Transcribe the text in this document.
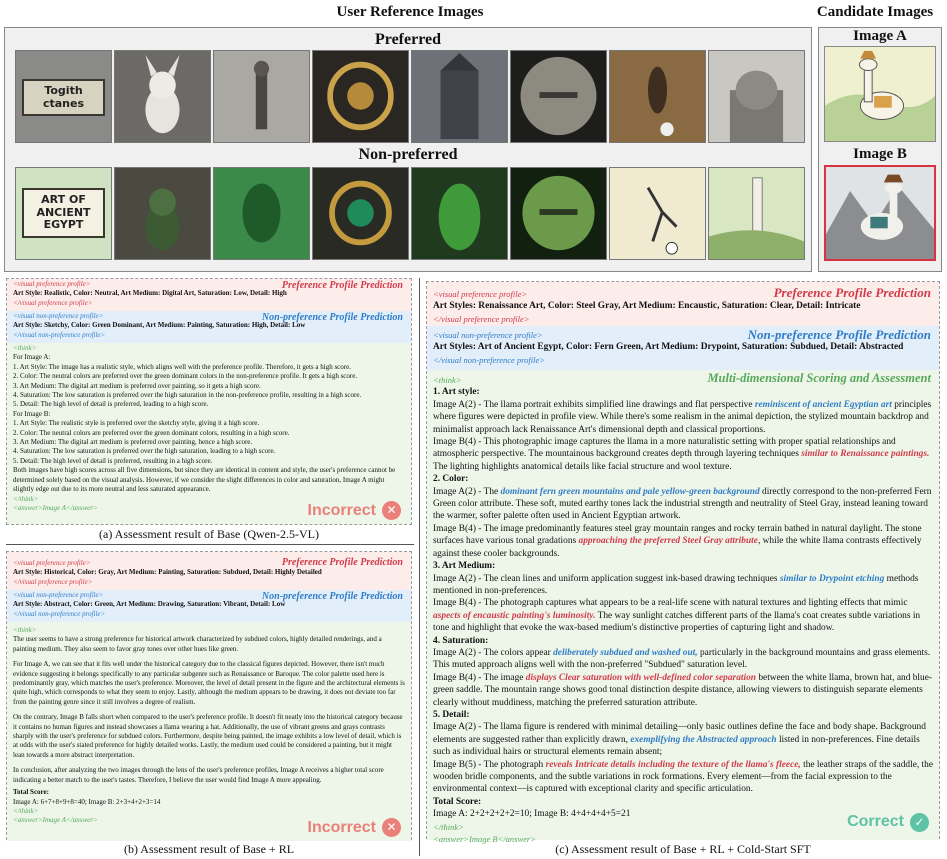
User Reference Images	Candidate Images
Preferred
Togith ctanes
Non-preferred
ART OF ANCIENT EGYPT
Image A
Image B
Preference Profile Prediction

<visual preference profile>

Art Style: Realistic, Color: Neutral, Art Medium: Digital Art, Saturation: Low, Detail: High

</visual preference profile>

Non-preference Profile Prediction

<visual non-preference profile>

Art Style: Sketchy, Color: Green Dominant, Art Medium: Painting, Saturation: High, Detail: Low

</visual non-preference profile>

<think>

For Image A:

1. Art Style: The image has a realistic style, which aligns well with the preference profile. Therefore, it gets a high score.

2. Color: The neutral colors are preferred over the green dominant colors in the non-preference profile. It gets a high score.

3. Art Medium: The digital art medium is preferred over painting, so it gets a high score.

4. Saturation: The low saturation is preferred over the high saturation in the non-preference profile, resulting in a high score.

5. Detail: The high level of detail is preferred, leading to a high score.

For Image B:

1. Art Style: The realistic style is preferred over the sketchy style, giving it a high score.

2. Color: The neutral colors are preferred over the green dominant colors, resulting in a high score.

3. Art Medium: The digital art medium is preferred over painting, hence a high score.

4. Saturation: The low saturation is preferred over the high saturation, leading to a high score.

5. Detail: The high level of detail is preferred, resulting in a high score.

Both images have high scores across all five dimensions, but since they are identical in content and style, the user's preference cannot be determined solely based on the visual analysis. However, if we consider the slight differences in color and saturation, Image A might slightly edge out due to its more neutral and less saturated appearance.

</think>

<answer>Image A</answer>	Incorrect ✕
(a) Assessment result of Base (Qwen-2.5-VL)
Preference Profile Prediction

<visual preference profile>

Art Style: Historical, Color: Gray, Art Medium: Painting, Saturation: Subdued, Detail: Highly Detailed

</visual preference profile>

Non-preference Profile Prediction

<visual non-preference profile>

Art Style: Abstract, Color: Green, Art Medium: Drawing, Saturation: Vibrant, Detail: Low

</visual non-preference profile>

<think>

The user seems to have a strong preference for historical artwork characterized by subdued colors, highly detailed renderings, and a painting medium. They also seem to favor gray tones over other hues like green.

For Image A, we can see that it fits well under the historical category due to the classical figures depicted. However, there isn't much evidence suggesting it belongs specifically to any particular subgenre such as Renaissance or Baroque. The color palette used here is predominantly gray, which matches the user's preference. Moreover, the level of detail present in the figure and the architectural elements is quite high, which corresponds to what they seem to enjoy. Lastly, although the medium appears to be drawing, it does not deviate too far from the painting genre since it still involves a degree of realism.

On the contrary, Image B falls short when compared to the user's preference profile. It doesn't fit neatly into the historical category because it contains no human figures and instead showcases a llama wearing a hat. Additionally, the use of vibrant greens and grays contrasts sharply with the user's preference for subdued colors. Furthermore, despite being painted, the image exhibits a low level of detail, which is at odds with the user's stated preference for highly detailed works. Lastly, the medium used could be considered a painting, but it might lean towards a more abstract interpretation.

In conclusion, after analyzing the two images through the lens of the user's preference profiles, Image A receives a higher total score indicating a better match to the user's tastes. Therefore, I believe the user would find Image A more appealing.

Total Score:

Image A: 6+7+8+9+8=40; Image B: 2+3+4+2+3=14

</think>

<answer>Image A</answer>	Incorrect ✕
(b) Assessment result of Base + RL
Preference Profile Prediction

<visual preference profile>

Art Styles: Renaissance Art, Color: Steel Gray, Art Medium: Encaustic, Saturation: Clear, Detail: Intricate

</visual preference profile>

Non-preference Profile Prediction

<visual non-preference profile>

Art Styles: Art of Ancient Egypt, Color: Fern Green, Art Medium: Drypoint, Saturation: Subdued, Detail: Abstracted

</visual non-preference profile>

Multi-dimensional Scoring and Assessment

<think>

1. Art style:

Image A(2) - The llama portrait exhibits simplified line drawings and flat perspective reminiscent of ancient Egyptian art principles where figures were depicted in profile view. While there's some realism in the animal depiction, the stylized mountain backdrop and minimalist approach lack Renaissance Art's dimensional depth and classical proportions.

Image B(4) - This photographic image captures the llama in a more naturalistic setting with proper spatial relationships and atmospheric perspective. The mountainous background creates depth through layering techniques similar to Renaissance paintings. The lighting highlights anatomical details like facial structure and wool texture.

2. Color:

Image A(2) - The dominant fern green mountains and pale yellow-green background directly correspond to the non-preferred Fern Green color attribute. These soft, muted earthy tones lack the industrial strength and neutrality of Steel Gray, instead leaning toward the warmer, softer palette often used in Ancient Egyptian artwork.

Image B(4) - The image predominantly features steel gray mountain ranges and rocky terrain bathed in natural daylight. The stone surfaces have various tonal gradations approaching the preferred Steel Gray attribute, while the white llama contrasts effectively against these cooler backgrounds.

3. Art Medium:

Image A(2) - The clean lines and uniform application suggest ink-based drawing techniques similar to Drypoint etching methods mentioned in non-preferences.

Image B(4) - The photograph captures what appears to be a real-life scene with natural textures and lighting effects that mimic aspects of encaustic painting's luminosity. The way sunlight catches different parts of the llama's coat creates subtle variations in tone and highlight that evoke the wax-based medium's distinctive properties of capturing light and shadow.

4. Saturation:

Image A(2) - The colors appear deliberately subdued and washed out, particularly in the background mountains and grass elements. This muted approach aligns well with the non-preferred "Subdued" saturation level.

Image B(4) - The image displays Clear saturation with well-defined color separation between the white llama, brown hat, and blue-green saddle. The mountain range shows good tonal distinction despite distance, allowing viewers to distinguish separate elements clearly without muddiness, matching the preferred saturation attribute.

5. Detail:

Image A(2) - The llama figure is rendered with minimal detailing—only basic outlines define the face and body shape. Background elements are suggested rather than explicitly drawn, exemplifying the Abstracted approach listed in non-preferences. Fine details such as individual hairs or structural elements remain absent;

Image B(5) - The photograph reveals Intricate details including the texture of the llama's fleece, the leather straps of the saddle, the wooden bridle components, and the subtle variations in rock formations. Every element—from the facial expression to the environmental context—is captured with exceptional clarity and specific articulation.

Total Score:

Image A: 2+2+2+2+2=10; Image B: 4+4+4+4+5=21

</think>

<answer>Image B</answer>

Correct ✓
(c) Assessment result of Base + RL + Cold-Start SFT
